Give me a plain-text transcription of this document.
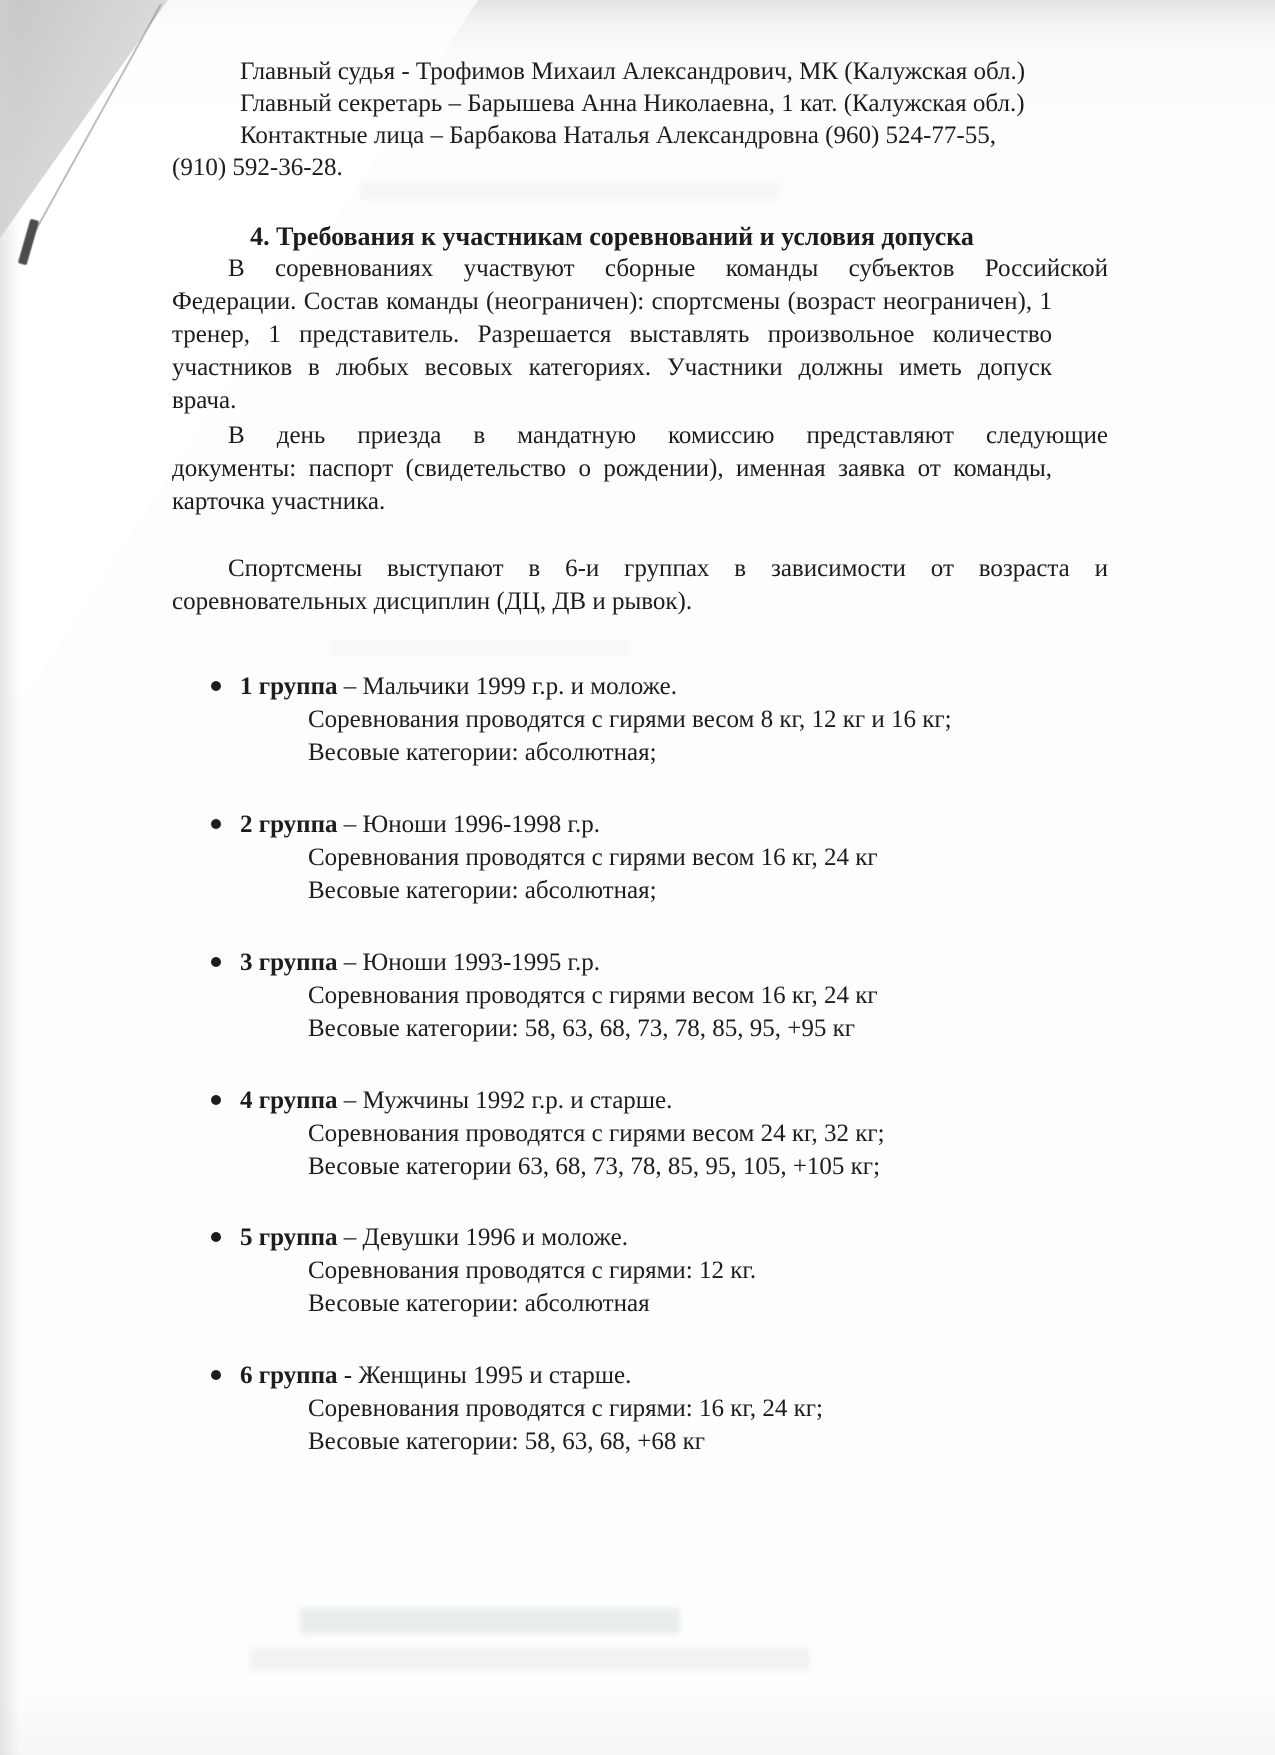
Главный судья - Трофимов Михаил Александрович, МК (Калужская обл.)
Главный секретарь – Барышева Анна Николаевна, 1 кат. (Калужская обл.)
Контактные лица – Барбакова Наталья Александровна (960) 524-77-55,
(910) 592-36-28.
4. Требования к участникам соревнований и условия допуска
В соревнованиях участвуют сборные команды субъектов Российской
Федерации. Состав команды (неограничен): спортсмены (возраст неограничен), 1
тренер, 1 представитель. Разрешается выставлять произвольное количество
участников в любых весовых категориях. Участники должны иметь допуск
врача.
В день приезда в мандатную комиссию представляют следующие
документы: паспорт (свидетельство о рождении), именная заявка от команды,
карточка участника.
Спортсмены выступают в 6-и группах в зависимости от возраста и
соревновательных дисциплин (ДЦ, ДВ и рывок).
1 группа – Мальчики 1999 г.р. и моложе.
Соревнования проводятся с гирями весом 8 кг, 12 кг и 16 кг;
Весовые категории: абсолютная;
2 группа – Юноши 1996-1998 г.р.
Соревнования проводятся с гирями весом 16 кг, 24 кг
Весовые категории: абсолютная;
3 группа – Юноши 1993-1995 г.р.
Соревнования проводятся с гирями весом 16 кг, 24 кг
Весовые категории: 58, 63, 68, 73, 78, 85, 95, +95 кг
4 группа – Мужчины 1992 г.р. и старше.
Соревнования проводятся с гирями весом 24 кг, 32 кг;
Весовые категории 63, 68, 73, 78, 85, 95, 105, +105 кг;
5 группа – Девушки 1996 и моложе.
Соревнования проводятся с гирями: 12 кг.
Весовые категории: абсолютная
6 группа - Женщины 1995 и старше.
Соревнования проводятся с гирями: 16 кг, 24 кг;
Весовые категории: 58, 63, 68, +68 кг
